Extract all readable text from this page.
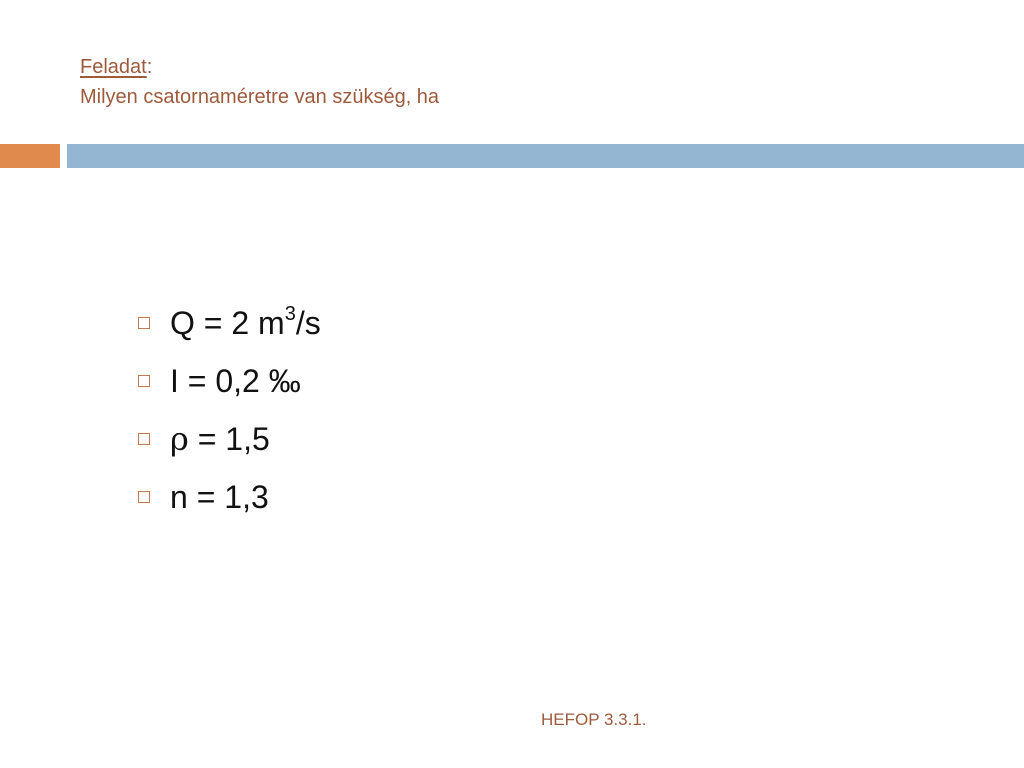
Feladat:
Milyen csatornaméretre van szükség, ha
Q = 2 $m^3/s$
I = 0,2 ‰
ρ = 1,5
n = 1,3
HEFOP 3.3.1.
